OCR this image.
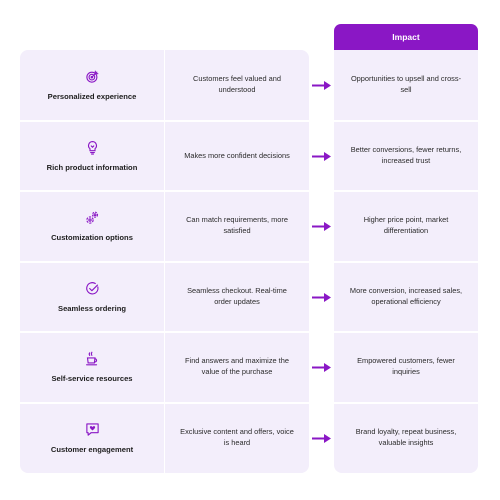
Impact
Personalized experience
Customers feel valued and understood
Opportunities to upsell and cross-sell
Rich product information
Makes more confident decisions
Better conversions, fewer returns, increased trust
Customization options
Can match requirements, more satisfied
Higher price point, market differentiation
Seamless ordering
Seamless checkout. Real-time order updates
More conversion, increased sales, operational efficiency
Self-service resources
Find answers and maximize the value of the purchase
Empowered customers, fewer inquiries
Customer engagement
Exclusive content and offers, voice is heard
Brand loyalty, repeat business, valuable insights
